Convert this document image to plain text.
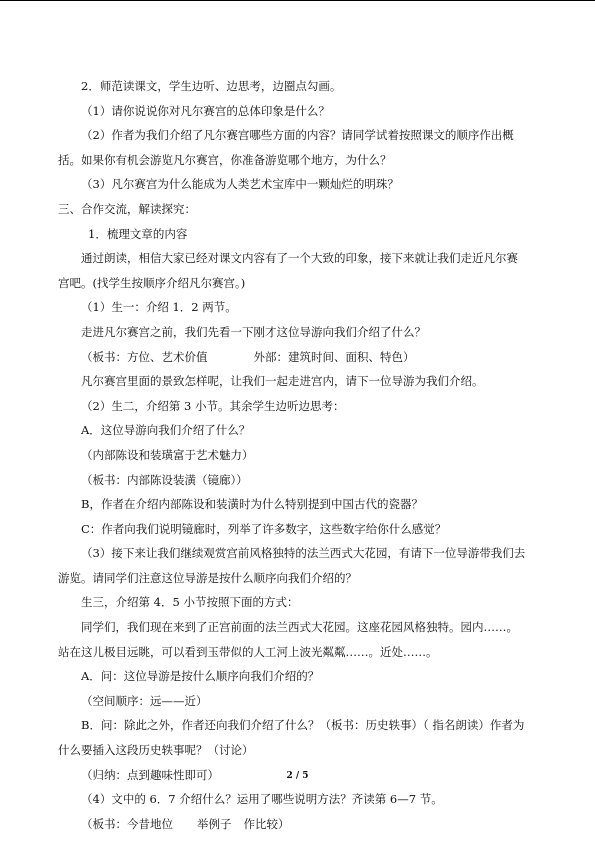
2．师范读课文，学生边听、边思考，边圈点勾画。
（1）请你说说你对凡尔赛宫的总体印象是什么？
（2）作者为我们介绍了凡尔赛宫哪些方面的内容？请同学试着按照课文的顺序作出概
括。如果你有机会游览凡尔赛宫，你准备游览哪个地方，为什么？
（3）凡尔赛宫为什么能成为人类艺术宝库中一颗灿烂的明珠？
三、合作交流，解读探究：
1．梳理文章的内容
通过朗读，相信大家已经对课文内容有了一个大致的印象，接下来就让我们走近凡尔赛
宫吧。(找学生按顺序介绍凡尔赛宫。)
（1）生一：介绍 1．2 两节。
走进凡尔赛宫之前，我们先看一下刚才这位导游向我们介绍了什么？
（板书：方位、艺术价值	外部：建筑时间、面积、特色）
凡尔赛宫里面的景致怎样呢，让我们一起走进宫内，请下一位导游为我们介绍。
（2）生二，介绍第 3 小节。其余学生边听边思考：
A．这位导游向我们介绍了什么？
（内部陈设和装璜富于艺术魅力）
（板书：内部陈设装潢（镜廊））
B，作者在介绍内部陈设和装潢时为什么特别提到中国古代的瓷器？
C：作者向我们说明镜廊时，列举了许多数字，这些数字给你什么感觉？
（3）接下来让我们继续观赏宫前风格独特的法兰西式大花园，有请下一位导游带我们去
游览。请同学们注意这位导游是按什么顺序向我们介绍的？
生三，介绍第 4．5 小节按照下面的方式：
同学们，我们现在来到了正宫前面的法兰西式大花园。这座花园风格独特。园内……。
站在这儿极目远眺，可以看到玉带似的人工河上波光粼粼……。近处……。
A．问：这位导游是按什么顺序向我们介绍的？
（空间顺序：远——近）
B．问：除此之外，作者还向我们介绍了什么？（板书：历史轶事）（ 指名朗读）作者为
什么要插入这段历史轶事呢？（讨论）
（归纳：点到趣味性即可）
（4）文中的 6．7 介绍什么？运用了哪些说明方法？齐读第 6—7 节。
（板书：今昔地位 举例子 作比较）
2 / 5
